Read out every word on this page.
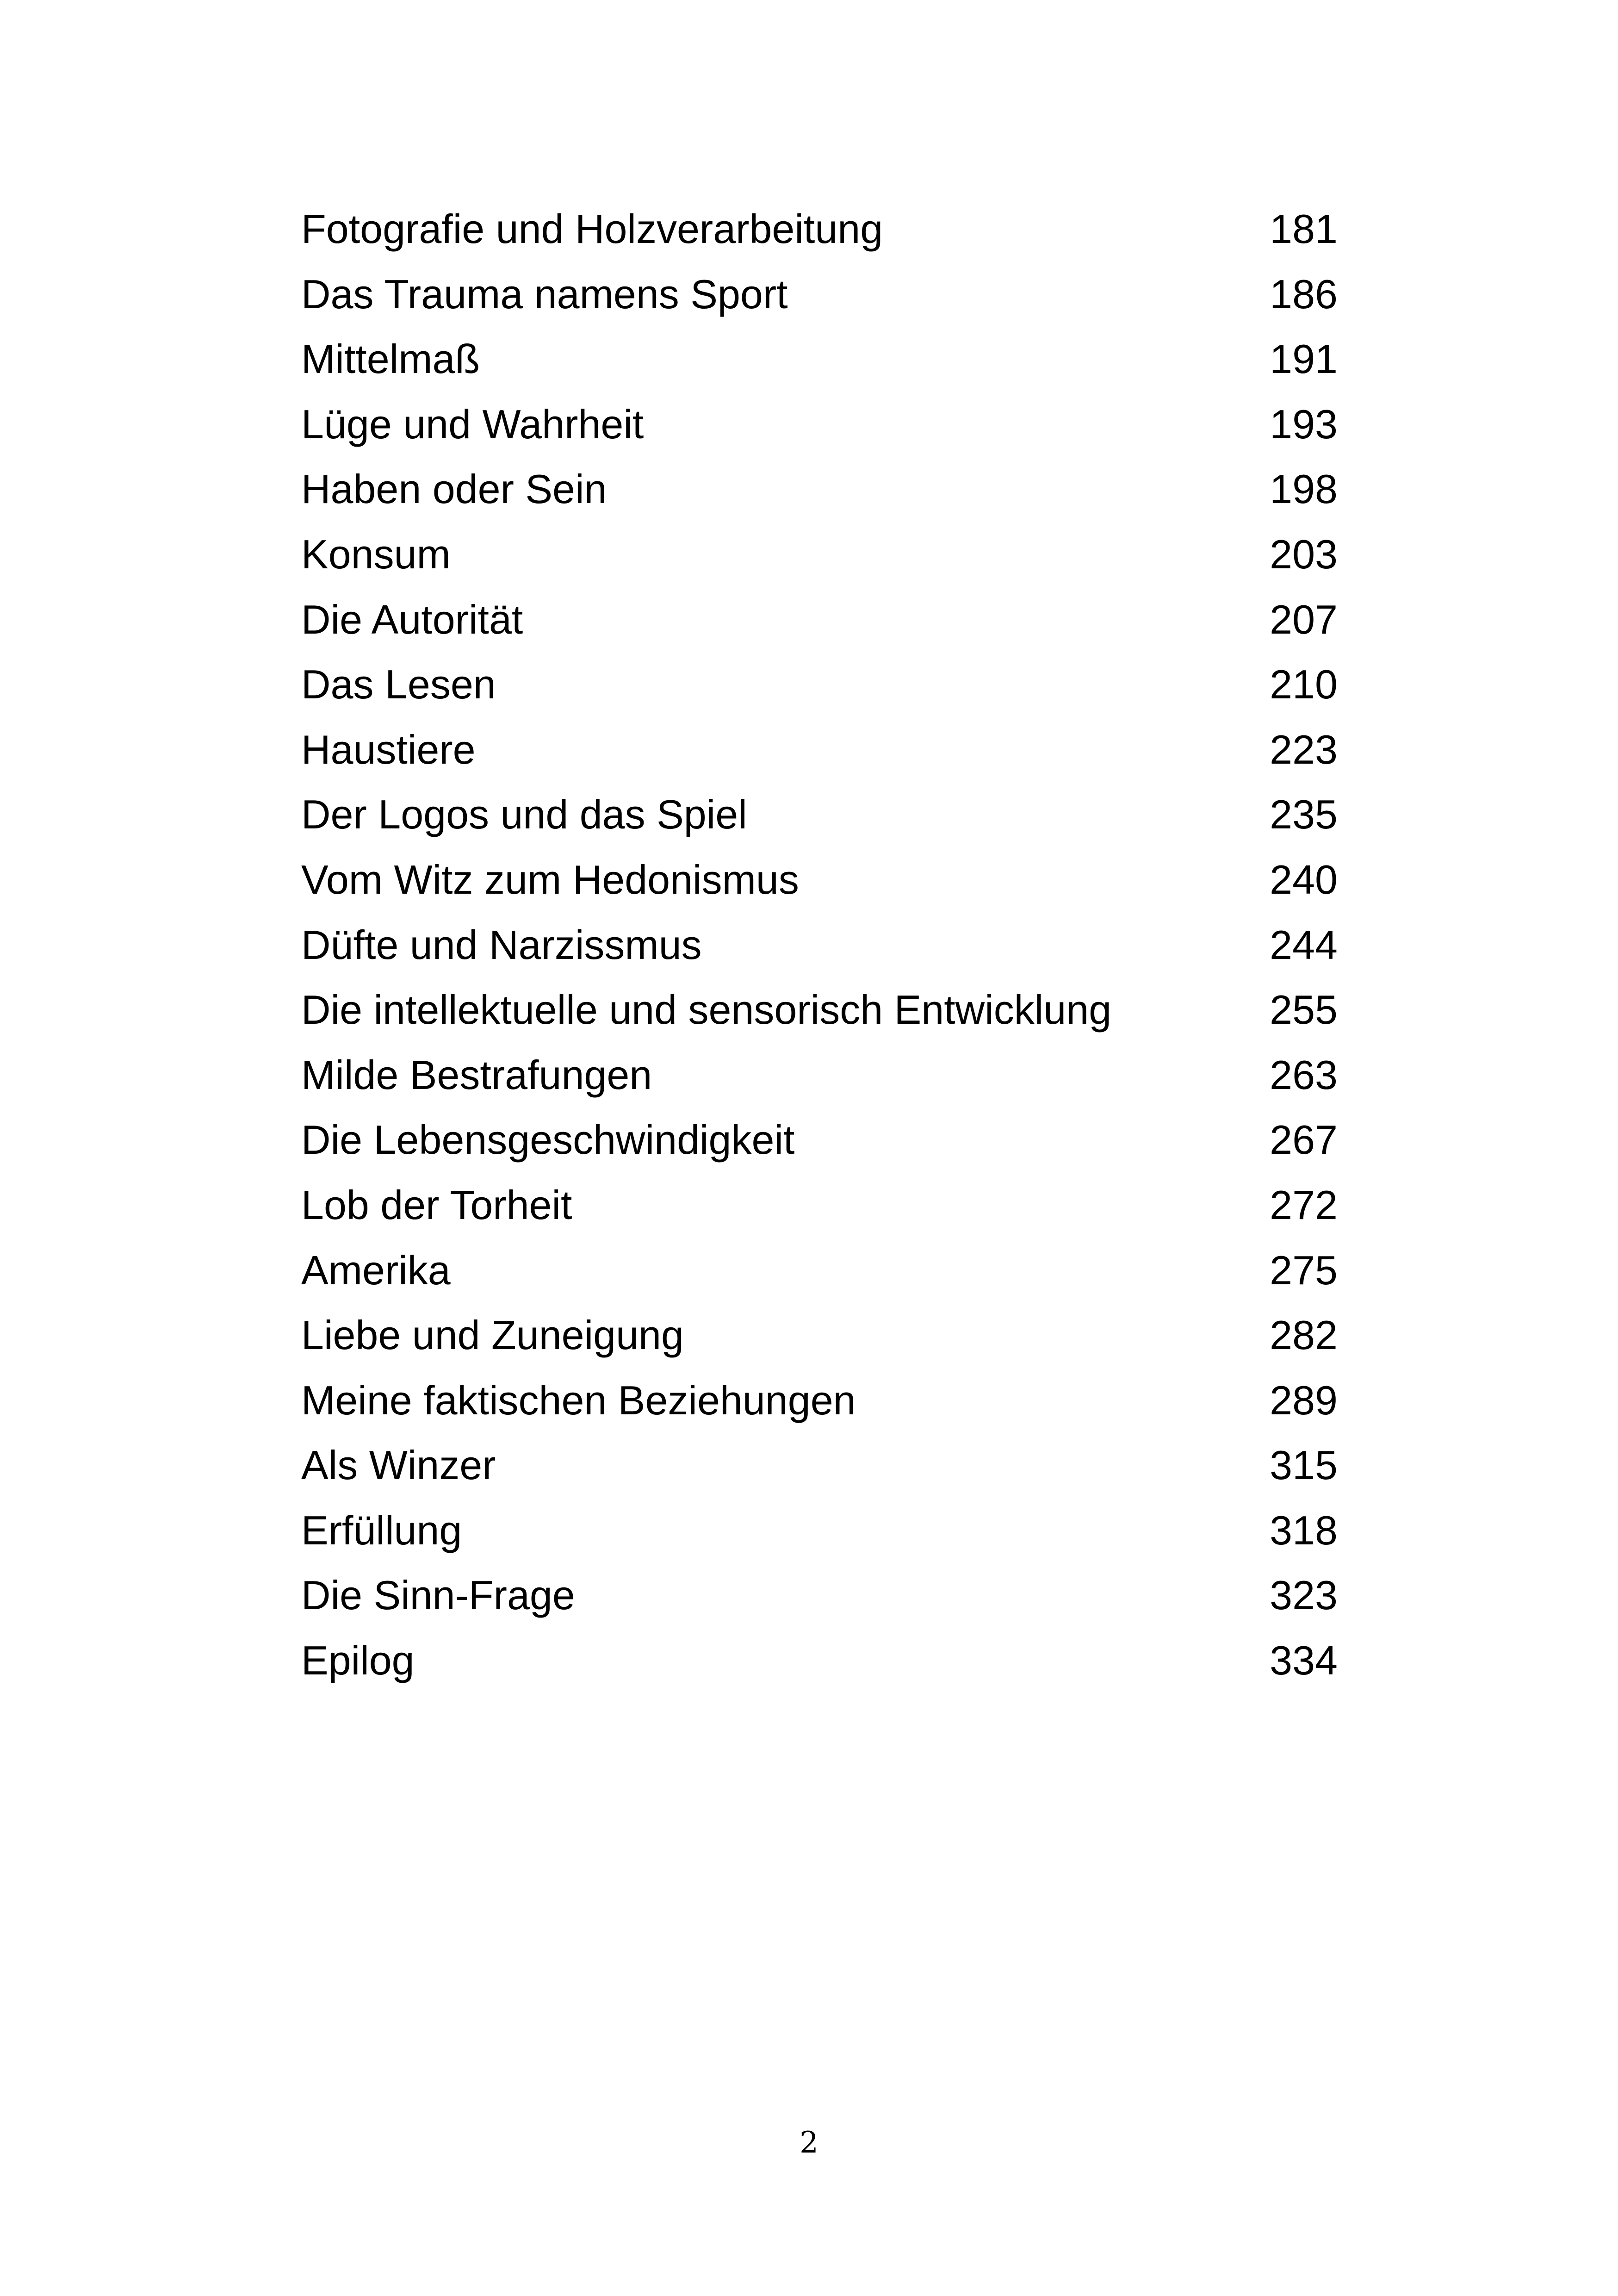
Fotografie und Holzverarbeitung	181
Das Trauma namens Sport	186
Mittelmaß	191
Lüge und Wahrheit	193
Haben oder Sein	198
Konsum	203
Die Autorität	207
Das Lesen	210
Haustiere	223
Der Logos und das Spiel	235
Vom Witz zum Hedonismus	240
Düfte und Narzissmus	244
Die intellektuelle und sensorisch Entwicklung	255
Milde Bestrafungen	263
Die Lebensgeschwindigkeit	267
Lob der Torheit	272
Amerika	275
Liebe und Zuneigung	282
Meine faktischen Beziehungen	289
Als Winzer	315
Erfüllung	318
Die Sinn-Frage	323
Epilog	334
2
